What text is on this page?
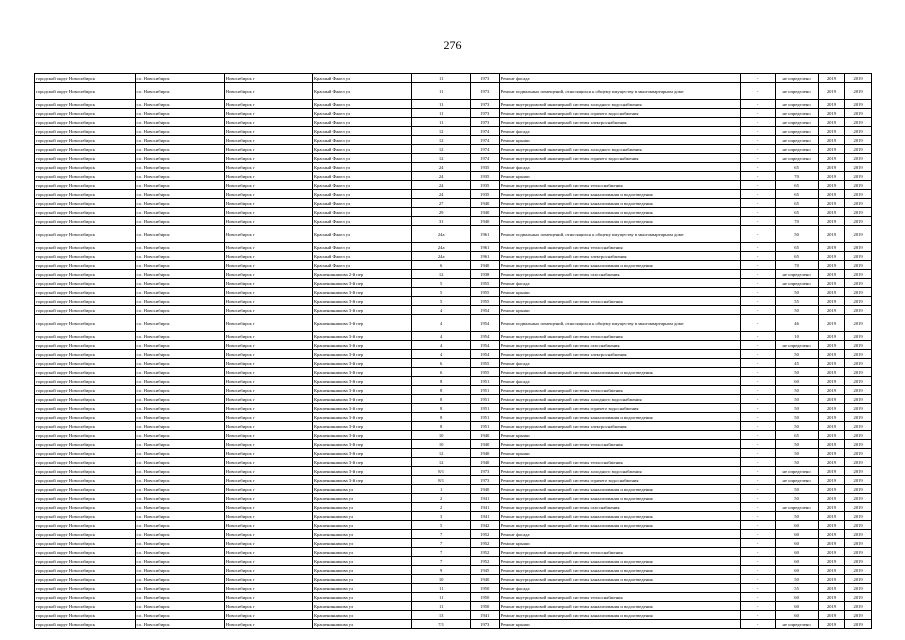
276
городской округ Новосибирск	г.о. Новосибирск	Новосибирск г	Красный Факел ул	11	1973	Ремонт фасада	-	не определено	2019	2019
городской округ Новосибирск	г.о. Новосибирск	Новосибирск г	Красный Факел ул	11	1973	Ремонт подвальных помещений, относящихся к общему имуществу в многоквартирном доме	-	не определено	2019	2019
городской округ Новосибирск	г.о. Новосибирск	Новосибирск г	Красный Факел ул	11	1973	Ремонт внутридомовой инженерной системы холодного водоснабжения	-	не определено	2019	2019
городской округ Новосибирск	г.о. Новосибирск	Новосибирск г	Красный Факел ул	11	1973	Ремонт внутридомовой инженерной системы горячего водоснабжения	-	не определено	2019	2019
городской округ Новосибирск	г.о. Новосибирск	Новосибирск г	Красный Факел ул	11	1973	Ремонт внутридомовой инженерной системы электроснабжения	-	не определено	2019	2019
городской округ Новосибирск	г.о. Новосибирск	Новосибирск г	Красный Факел ул	12	1974	Ремонт фасада	-	не определено	2019	2019
городской округ Новосибирск	г.о. Новосибирск	Новосибирск г	Красный Факел ул	12	1974	Ремонт крыши	-	не определено	2019	2019
городской округ Новосибирск	г.о. Новосибирск	Новосибирск г	Красный Факел ул	12	1974	Ремонт внутридомовой инженерной системы холодного водоснабжения	-	не определено	2019	2019
городской округ Новосибирск	г.о. Новосибирск	Новосибирск г	Красный Факел ул	12	1974	Ремонт внутридомовой инженерной системы горячего водоснабжения	-	не определено	2019	2019
городской округ Новосибирск	г.о. Новосибирск	Новосибирск г	Красный Факел ул	24	1935	Ремонт фасада	-	65	2019	2019
городской округ Новосибирск	г.о. Новосибирск	Новосибирск г	Красный Факел ул	24	1935	Ремонт крыши	-	70	2019	2019
городской округ Новосибирск	г.о. Новосибирск	Новосибирск г	Красный Факел ул	24	1935	Ремонт внутридомовой инженерной системы теплоснабжения	-	65	2019	2019
городской округ Новосибирск	г.о. Новосибирск	Новосибирск г	Красный Факел ул	24	1935	Ремонт внутридомовой инженерной системы канализования и водоотведения	-	65	2019	2019
городской округ Новосибирск	г.о. Новосибирск	Новосибирск г	Красный Факел ул	27	1940	Ремонт внутридомовой инженерной системы канализования и водоотведения	-	65	2019	2019
городской округ Новосибирск	г.о. Новосибирск	Новосибирск г	Красный Факел ул	29	1940	Ремонт внутридомовой инженерной системы канализования и водоотведения	-	65	2019	2019
городской округ Новосибирск	г.о. Новосибирск	Новосибирск г	Красный Факел ул	31	1940	Ремонт внутридомовой инженерной системы канализования и водоотведения	-	70	2019	2019
городской округ Новосибирск	г.о. Новосибирск	Новосибирск г	Красный Факел ул	24а	1961	Ремонт подвальных помещений, относящихся к общему имуществу в многоквартирном доме	-	50	2019	2019
городской округ Новосибирск	г.о. Новосибирск	Новосибирск г	Красный Факел ул	24а	1961	Ремонт внутридомовой инженерной системы теплоснабжения	-	65	2019	2019
городской округ Новосибирск	г.о. Новосибирск	Новосибирск г	Красный Факел ул	24а	1961	Ремонт внутридомовой инженерной системы электроснабжения	-	65	2019	2019
городской округ Новосибирск	г.о. Новосибирск	Новосибирск г	Красный Факел ул	6	1940	Ремонт внутридомовой инженерной системы канализования и водоотведения	-	70	2019	2019
городской округ Новосибирск	г.о. Новосибирск	Новосибирск г	Крашенинникова 2-й пер	12	1938	Ремонт внутридомовой инженерной системы газоснабжения	-	не определено	2019	2019
городской округ Новосибирск	г.о. Новосибирск	Новосибирск г	Крашенинникова 3-й пер	5	1955	Ремонт фасада	-	не определено	2019	2019
городской округ Новосибирск	г.о. Новосибирск	Новосибирск г	Крашенинникова 3-й пер	5	1955	Ремонт крыши	-	50	2019	2019
городской округ Новосибирск	г.о. Новосибирск	Новосибирск г	Крашенинникова 3-й пер	5	1955	Ремонт внутридомовой инженерной системы теплоснабжения	-	55	2019	2019
городской округ Новосибирск	г.о. Новосибирск	Новосибирск г	Крашенинникова 3-й пер	4	1954	Ремонт крыши	-	50	2019	2019
городской округ Новосибирск	г.о. Новосибирск	Новосибирск г	Крашенинникова 3-й пер	4	1954	Ремонт подвальных помещений, относящихся к общему имуществу в многоквартирном доме	-	46	2019	2019
городской округ Новосибирск	г.о. Новосибирск	Новосибирск г	Крашенинникова 3-й пер	4	1954	Ремонт внутридомовой инженерной системы теплоснабжения	-	10	2019	2019
городской округ Новосибирск	г.о. Новосибирск	Новосибирск г	Крашенинникова 3-й пер	4	1954	Ремонт внутридомовой инженерной системы газоснабжения	-	не определено	2019	2019
городской округ Новосибирск	г.о. Новосибирск	Новосибирск г	Крашенинникова 3-й пер	4	1954	Ремонт внутридомовой инженерной системы электроснабжения	-	50	2019	2019
городской округ Новосибирск	г.о. Новосибирск	Новосибирск г	Крашенинникова 3-й пер	6	1955	Ремонт фасада	-	45	2019	2019
городской округ Новосибирск	г.о. Новосибирск	Новосибирск г	Крашенинникова 3-й пер	6	1955	Ремонт внутридомовой инженерной системы канализования и водоотведения	-	50	2019	2019
городской округ Новосибирск	г.о. Новосибирск	Новосибирск г	Крашенинникова 3-й пер	8	1951	Ремонт фасада	-	60	2019	2019
городской округ Новосибирск	г.о. Новосибирск	Новосибирск г	Крашенинникова 3-й пер	8	1951	Ремонт внутридомовой инженерной системы теплоснабжения	-	50	2019	2019
городской округ Новосибирск	г.о. Новосибирск	Новосибирск г	Крашенинникова 3-й пер	8	1951	Ремонт внутридомовой инженерной системы холодного водоснабжения	-	50	2019	2019
городской округ Новосибирск	г.о. Новосибирск	Новосибирск г	Крашенинникова 3-й пер	8	1951	Ремонт внутридомовой инженерной системы горячего водоснабжения	-	50	2019	2019
городской округ Новосибирск	г.о. Новосибирск	Новосибирск г	Крашенинникова 3-й пер	8	1951	Ремонт внутридомовой инженерной системы канализования и водоотведения	-	50	2019	2019
городской округ Новосибирск	г.о. Новосибирск	Новосибирск г	Крашенинникова 3-й пер	8	1951	Ремонт внутридомовой инженерной системы электроснабжения	-	50	2019	2019
городской округ Новосибирск	г.о. Новосибирск	Новосибирск г	Крашенинникова 3-й пер	10	1940	Ремонт крыши	-	65	2019	2019
городской округ Новосибирск	г.о. Новосибирск	Новосибирск г	Крашенинникова 3-й пер	10	1940	Ремонт внутридомовой инженерной системы теплоснабжения	-	50	2019	2019
городской округ Новосибирск	г.о. Новосибирск	Новосибирск г	Крашенинникова 3-й пер	12	1940	Ремонт крыши	-	50	2019	2019
городской округ Новосибирск	г.о. Новосибирск	Новосибирск г	Крашенинникова 3-й пер	12	1940	Ремонт внутридомовой инженерной системы теплоснабжения	-	50	2019	2019
городской округ Новосибирск	г.о. Новосибирск	Новосибирск г	Крашенинникова 3-й пер	8/1	1973	Ремонт внутридомовой инженерной системы холодного водоснабжения	-	не определено	2019	2019
городской округ Новосибирск	г.о. Новосибирск	Новосибирск г	Крашенинникова 3-й пер	8/1	1973	Ремонт внутридомовой инженерной системы горячего водоснабжения	-	не определено	2019	2019
городской округ Новосибирск	г.о. Новосибирск	Новосибирск г	Крашенинникова ул	1	1940	Ремонт внутридомовой инженерной системы канализования и водоотведения	-	50	2019	2019
городской округ Новосибирск	г.о. Новосибирск	Новосибирск г	Крашенинникова ул	2	1941	Ремонт внутридомовой инженерной системы канализования и водоотведения	-	50	2019	2019
городской округ Новосибирск	г.о. Новосибирск	Новосибирск г	Крашенинникова ул	2	1941	Ремонт внутридомовой инженерной системы газоснабжения	-	не определено	2019	2019
городской округ Новосибирск	г.о. Новосибирск	Новосибирск г	Крашенинникова ул	3	1941	Ремонт внутридомовой инженерной системы канализования и водоотведения	-	50	2019	2019
городской округ Новосибирск	г.о. Новосибирск	Новосибирск г	Крашенинникова ул	5	1942	Ремонт внутридомовой инженерной системы канализования и водоотведения	-	60	2019	2019
городской округ Новосибирск	г.о. Новосибирск	Новосибирск г	Крашенинникова ул	7	1952	Ремонт фасада	-	60	2019	2019
городской округ Новосибирск	г.о. Новосибирск	Новосибирск г	Крашенинникова ул	7	1952	Ремонт крыши	-	60	2019	2019
городской округ Новосибирск	г.о. Новосибирск	Новосибирск г	Крашенинникова ул	7	1952	Ремонт внутридомовой инженерной системы теплоснабжения	-	60	2019	2019
городской округ Новосибирск	г.о. Новосибирск	Новосибирск г	Крашенинникова ул	7	1952	Ремонт внутридомовой инженерной системы канализования и водоотведения	-	60	2019	2019
городской округ Новосибирск	г.о. Новосибирск	Новосибирск г	Крашенинникова ул	9	1945	Ремонт внутридомовой инженерной системы канализования и водоотведения	-	60	2019	2019
городской округ Новосибирск	г.о. Новосибирск	Новосибирск г	Крашенинникова ул	10	1940	Ремонт внутридомовой инженерной системы канализования и водоотведения	-	50	2019	2019
городской округ Новосибирск	г.о. Новосибирск	Новосибирск г	Крашенинникова ул	11	1950	Ремонт фасада	-	55	2019	2019
городской округ Новосибирск	г.о. Новосибирск	Новосибирск г	Крашенинникова ул	11	1950	Ремонт внутридомовой инженерной системы теплоснабжения	-	60	2019	2019
городской округ Новосибирск	г.о. Новосибирск	Новосибирск г	Крашенинникова ул	11	1950	Ремонт внутридомовой инженерной системы канализования и водоотведения	-	60	2019	2019
городской округ Новосибирск	г.о. Новосибирск	Новосибирск г	Крашенинникова ул	13	1941	Ремонт внутридомовой инженерной системы канализования и водоотведения	-	60	2019	2019
городской округ Новосибирск	г.о. Новосибирск	Новосибирск г	Крашенинникова ул	7/1	1973	Ремонт крыши	-	не определено	2019	2019
